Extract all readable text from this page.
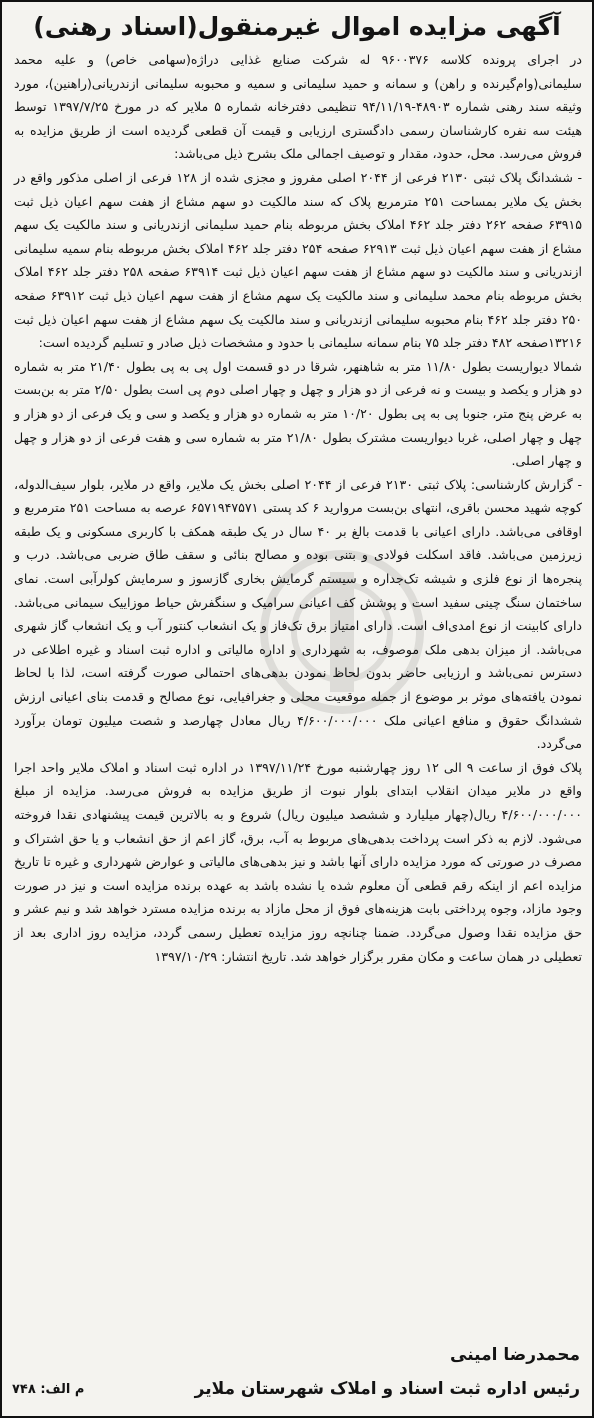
آگهی مزایده اموال غیرمنقول(اسناد رهنی)

در اجرای پرونده کلاسه ۹۶۰۰۳۷۶ له شرکت صنایع غذایی دراژه(سهامی خاص) و علیه محمد سلیمانی(وام‌گیرنده و راهن) و سمانه و حمید سلیمانی و سمیه و محبوبه سلیمانی ازندریانی(راهنین)، مورد وثیقه سند رهنی شماره ۴۸۹۰۳-۹۴/۱۱/۱۹ تنظیمی دفترخانه شماره ۵ ملایر که در مورخ ۱۳۹۷/۷/۲۵ توسط هیئت سه نفره کارشناسان رسمی دادگستری ارزیابی و قیمت آن قطعی گردیده است از طریق مزایده به فروش می‌رسد. محل، حدود، مقدار و توصیف اجمالی ملک بشرح ذیل می‌باشد:

- ششدانگ پلاک ثبتی ۲۱۳۰ فرعی از ۲۰۴۴ اصلی مفروز و مجزی شده از ۱۲۸ فرعی از اصلی مذکور واقع در بخش یک ملایر بمساحت ۲۵۱ مترمربع پلاک که سند مالکیت دو سهم مشاع از هفت سهم اعیان ذیل ثبت ۶۳۹۱۵ صفحه ۲۶۲ دفتر جلد ۴۶۲ املاک بخش مربوطه بنام حمید سلیمانی ازندریانی و سند مالکیت یک سهم مشاع از هفت سهم اعیان ذیل ثبت ۶۲۹۱۳ صفحه ۲۵۴ دفتر جلد ۴۶۲ املاک بخش مربوطه بنام سمیه سلیمانی ازندریانی و سند مالکیت دو سهم مشاع از هفت سهم اعیان ذیل ثبت ۶۳۹۱۴ صفحه ۲۵۸ دفتر جلد ۴۶۲ املاک بخش مربوطه بنام محمد سلیمانی و سند مالکیت یک سهم مشاع از هفت سهم اعیان ذیل ثبت ۶۳۹۱۲ صفحه ۲۵۰ دفتر جلد ۴۶۲ بنام محبوبه سلیمانی ازندریانی و سند مالکیت یک سهم مشاع از هفت سهم اعیان ذیل ثبت ۱۳۲۱۶صفحه ۴۸۲ دفتر جلد ۷۵ بنام سمانه سلیمانی با حدود و مشخصات ذیل صادر و تسلیم گردیده است:

شمالا دیواریست بطول ۱۱/۸۰ متر به شاهنهر، شرقا در دو قسمت اول پی به پی بطول ۲۱/۴۰ متر به شماره دو هزار و یکصد و بیست و نه فرعی از دو هزار و چهل و چهار اصلی دوم پی است بطول ۲/۵۰ متر به بن‌بست به عرض پنج متر، جنوبا پی به پی بطول ۱۰/۲۰ متر به شماره دو هزار و یکصد و سی و یک فرعی از دو هزار و چهل و چهار اصلی، غربا دیواریست مشترک بطول ۲۱/۸۰ متر به شماره سی و هفت فرعی از دو هزار و چهل و چهار اصلی.

- گزارش کارشناسی: پلاک ثبتی ۲۱۳۰ فرعی از ۲۰۴۴ اصلی بخش یک ملایر، واقع در ملایر، بلوار سیف‌الدوله، کوچه شهید محسن باقری، انتهای بن‌بست مروارید ۶ کد پستی ۶۵۷۱۹۴۷۵۷۱ عرصه به مساحت ۲۵۱ مترمربع و اوقافی می‌باشد. دارای اعیانی با قدمت بالغ بر ۴۰ سال در یک طبقه همکف با کاربری مسکونی و یک طبقه زیرزمین می‌باشد. فاقد اسکلت فولادی و بتنی بوده و مصالح بنائی و سقف طاق ضربی می‌باشد. درب و پنجره‌ها از نوع فلزی و شیشه تک‌جداره و سیستم گرمایش بخاری گازسوز و سرمایش کولرآبی است. نمای ساختمان سنگ چینی سفید است و پوشش کف اعیانی سرامیک و سنگفرش حیاط موزاییک سیمانی می‌باشد. دارای کابینت از نوع امدی‌اف است. دارای امتیاز برق تک‌فاز و یک انشعاب کنتور آب و یک انشعاب گاز شهری می‌باشد. از میزان بدهی ملک موصوف، به شهرداری و اداره مالیاتی و اداره ثبت اسناد و غیره اطلاعی در دسترس نمی‌باشد و ارزیابی حاضر بدون لحاظ نمودن بدهی‌های احتمالی صورت گرفته است، لذا با لحاظ نمودن یافته‌های موثر بر موضوع از جمله موقعیت محلی و جغرافیایی، نوع مصالح و قدمت بنای اعیانی ارزش ششدانگ حقوق و منافع اعیانی ملک ۴/۶۰۰/۰۰۰/۰۰۰ ریال معادل چهارصد و شصت میلیون تومان برآورد می‌گردد.

پلاک فوق از ساعت ۹ الی ۱۲ روز چهارشنبه مورخ ۱۳۹۷/۱۱/۲۴ در اداره ثبت اسناد و املاک ملایر واحد اجرا واقع در ملایر میدان انقلاب ابتدای بلوار نبوت از طریق مزایده به فروش می‌رسد. مزایده از مبلغ ۴/۶۰۰/۰۰۰/۰۰۰ ریال(چهار میلیارد و ششصد میلیون ریال) شروع و به بالاترین قیمت پیشنهادی نقدا فروخته می‌شود. لازم به ذکر است پرداخت بدهی‌های مربوط به آب، برق، گاز اعم از حق انشعاب و یا حق اشتراک و مصرف در صورتی که مورد مزایده دارای آنها باشد و نیز بدهی‌های مالیاتی و عوارض شهرداری و غیره تا تاریخ مزایده اعم از اینکه رقم قطعی آن معلوم شده یا نشده باشد به عهده برنده مزایده است و نیز در صورت وجود مازاد، وجوه پرداختی بابت هزینه‌های فوق از محل مازاد به برنده مزایده مسترد خواهد شد و نیم عشر و حق مزایده نقدا وصول می‌گردد. ضمنا چنانچه روز مزایده تعطیل رسمی گردد، مزایده روز اداری بعد از تعطیلی در همان ساعت و مکان مقرر برگزار خواهد شد. تاریخ انتشار: ۱۳۹۷/۱۰/۲۹

محمدرضا امینی
رئیس اداره ثبت اسناد و املاک شهرستان ملایر
م الف: ۷۴۸
